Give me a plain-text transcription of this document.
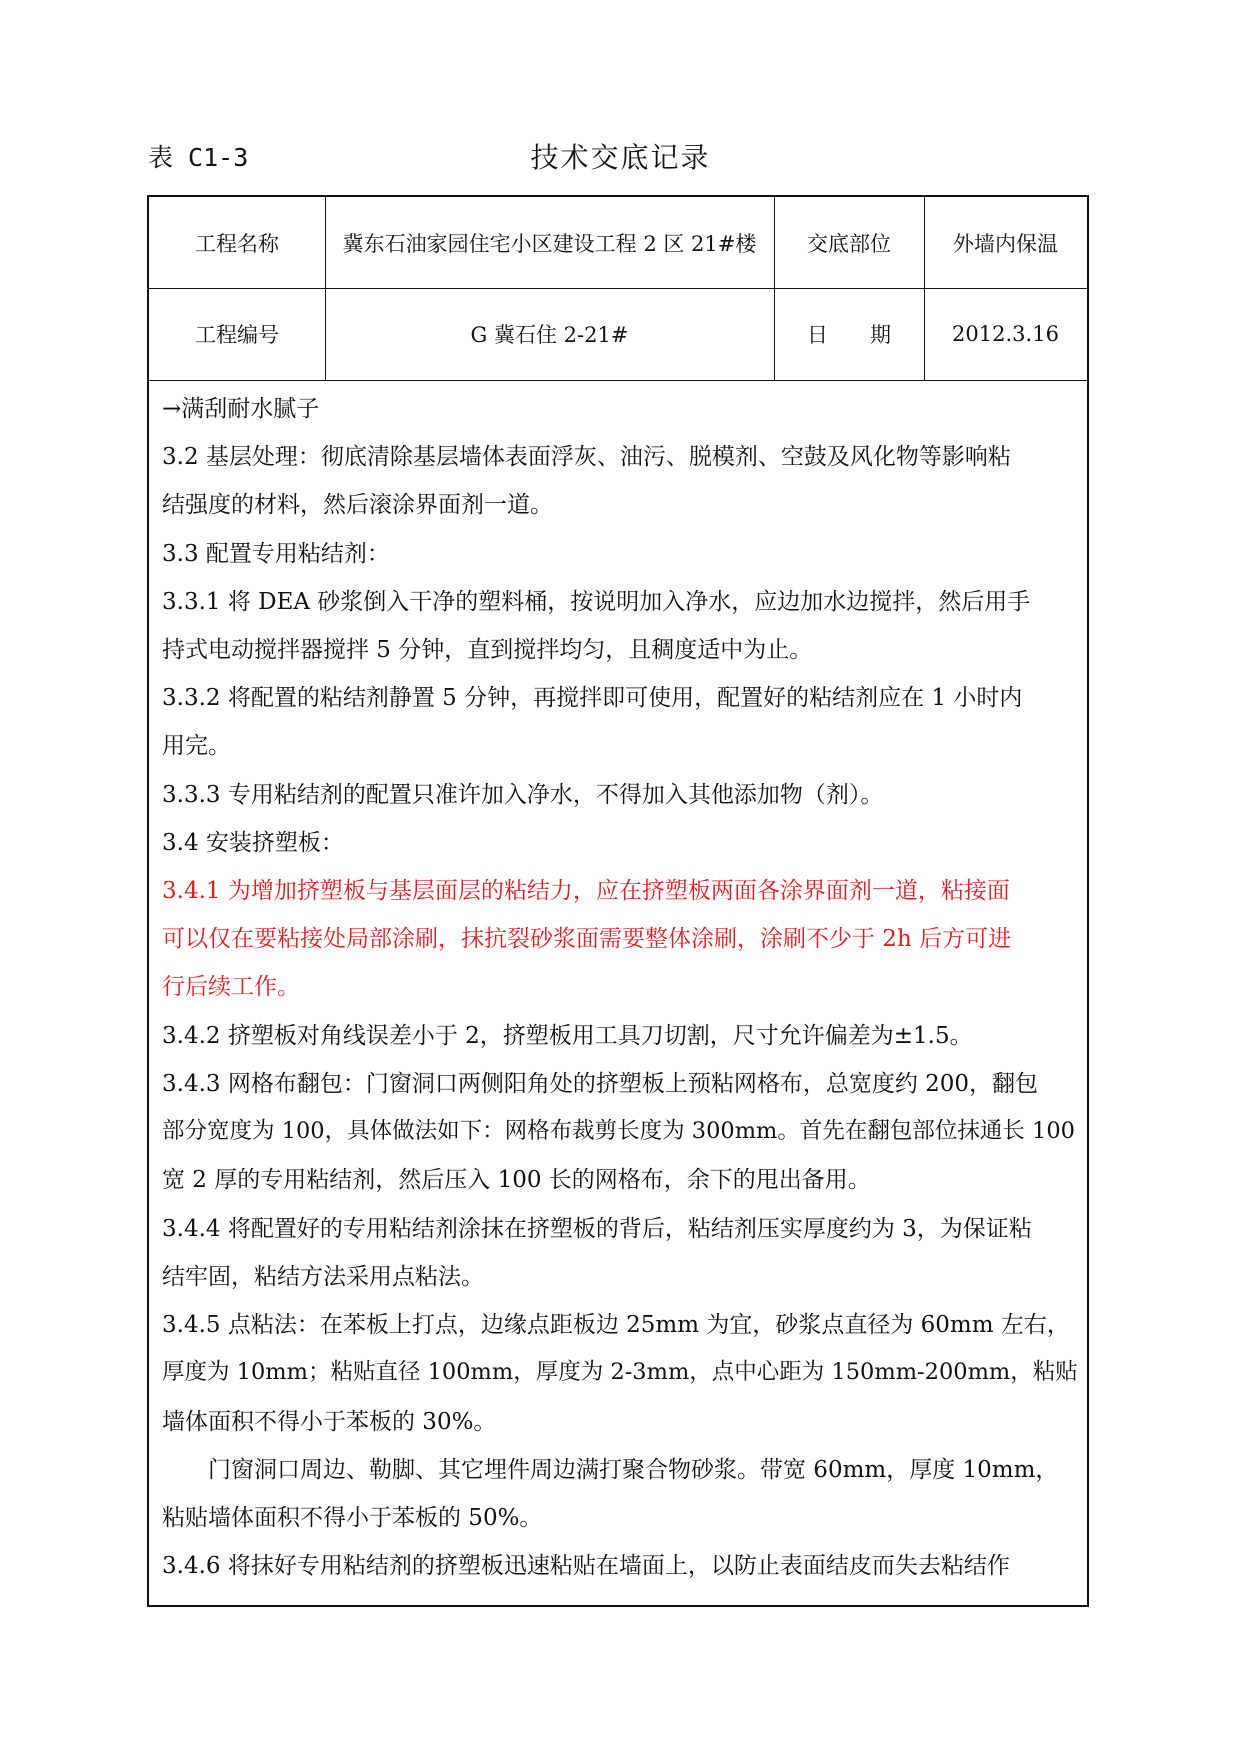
表 C1-3	技术交底记录
工程名称	冀东石油家园住宅小区建设工程 2 区 21#楼	交底部位	外墙内保温
工程编号	G 冀石住 2-21#	日　　期	2012.3.16
→满刮耐水腻子
3.2 基层处理：彻底清除基层墙体表面浮灰、油污、脱模剂、空鼓及风化物等影响粘
结强度的材料，然后滚涂界面剂一道。
3.3 配置专用粘结剂：
3.3.1 将 DEA 砂浆倒入干净的塑料桶，按说明加入净水，应边加水边搅拌，然后用手
持式电动搅拌器搅拌 5 分钟，直到搅拌均匀，且稠度适中为止。
3.3.2 将配置的粘结剂静置 5 分钟，再搅拌即可使用，配置好的粘结剂应在 1 小时内
用完。
3.3.3 专用粘结剂的配置只准许加入净水，不得加入其他添加物（剂）。
3.4 安装挤塑板：
3.4.1 为增加挤塑板与基层面层的粘结力，应在挤塑板两面各涂界面剂一道，粘接面
可以仅在要粘接处局部涂刷，抹抗裂砂浆面需要整体涂刷，涂刷不少于 2h 后方可进
行后续工作。
3.4.2 挤塑板对角线误差小于 2，挤塑板用工具刀切割，尺寸允许偏差为±1.5。
3.4.3 网格布翻包：门窗洞口两侧阳角处的挤塑板上预粘网格布，总宽度约 200，翻包
部分宽度为 100，具体做法如下：网格布裁剪长度为 300mm。首先在翻包部位抹通长 100
宽 2 厚的专用粘结剂，然后压入 100 长的网格布，余下的甩出备用。
3.4.4 将配置好的专用粘结剂涂抹在挤塑板的背后，粘结剂压实厚度约为 3，为保证粘
结牢固，粘结方法采用点粘法。
3.4.5 点粘法：在苯板上打点，边缘点距板边 25mm 为宜，砂浆点直径为 60mm 左右，
厚度为 10mm；粘贴直径 100mm，厚度为 2-3mm，点中心距为 150mm-200mm，粘贴
墙体面积不得小于苯板的 30%。
门窗洞口周边、勒脚、其它埋件周边满打聚合物砂浆。带宽 60mm，厚度 10mm，
粘贴墙体面积不得小于苯板的 50%。
3.4.6 将抹好专用粘结剂的挤塑板迅速粘贴在墙面上，以防止表面结皮而失去粘结作
